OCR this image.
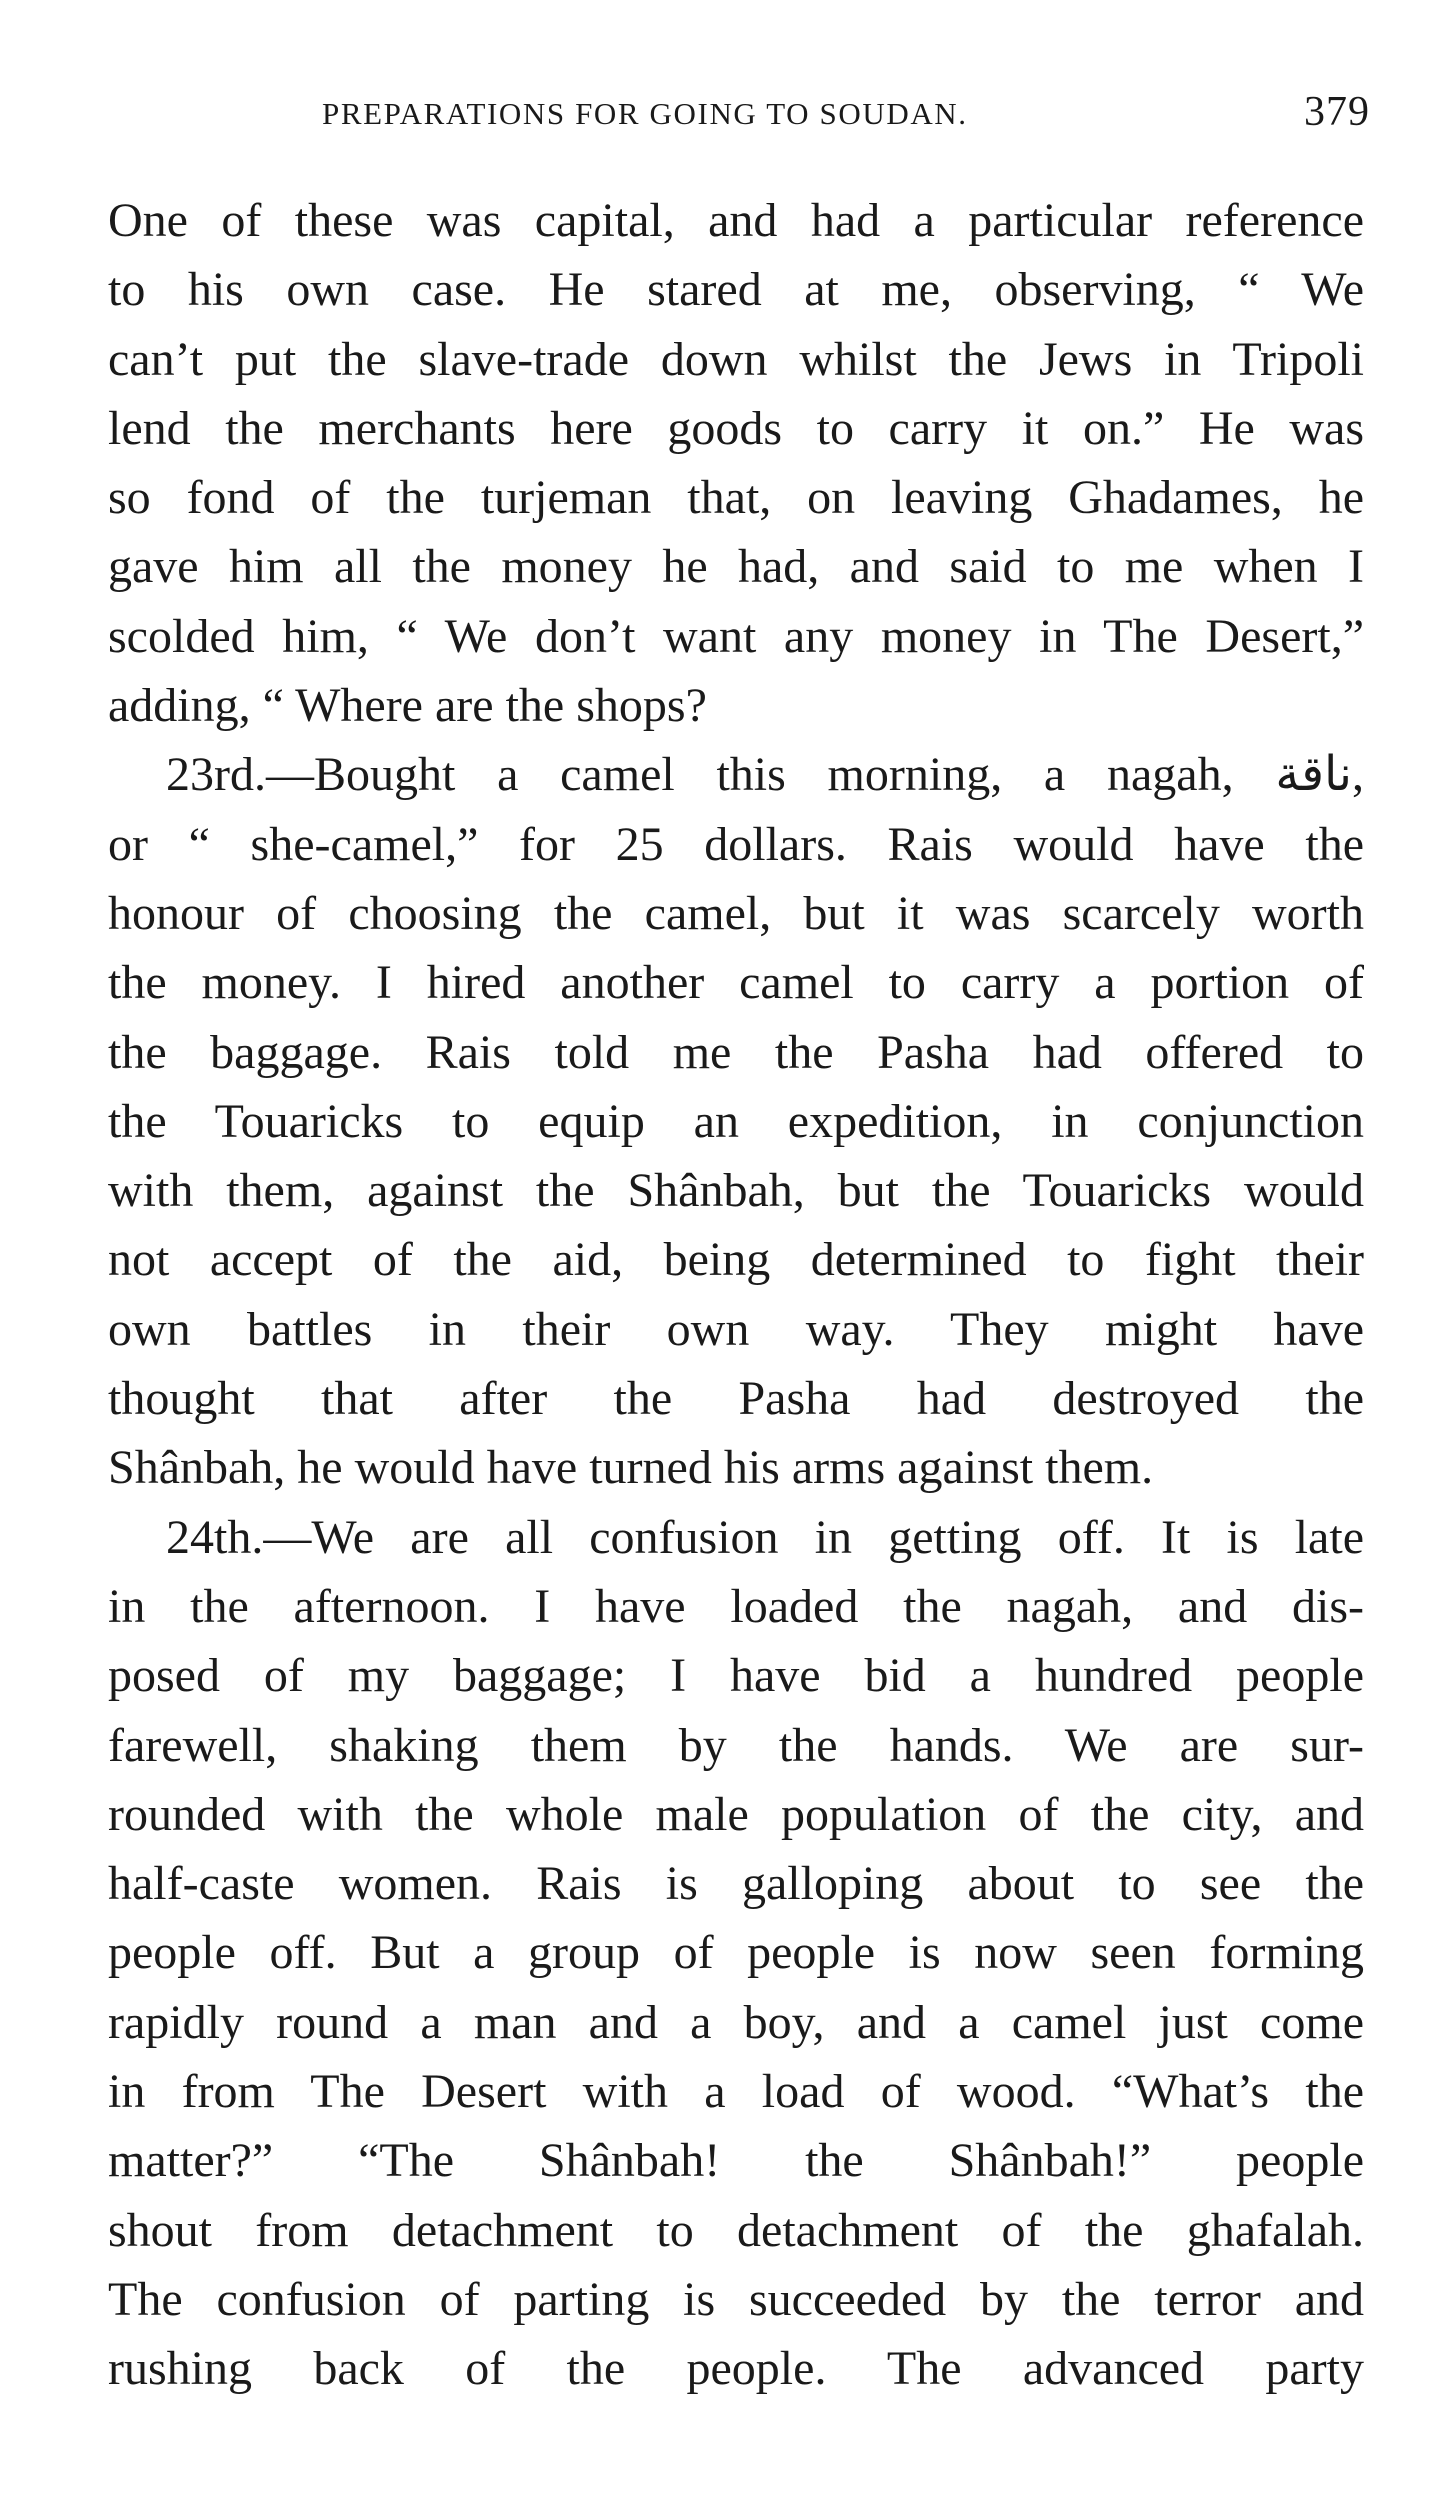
PREPARATIONS FOR GOING TO SOUDAN.	379
One of these was capital, and had a particular reference
to his own case. He stared at me, observing, “ We
can’t put the slave-trade down whilst the Jews in Tripoli
lend the merchants here goods to carry it on.” He was
so fond of the turjeman that, on leaving Ghadames, he
gave him all the money he had, and said to me when I
scolded him, “ We don’t want any money in The Desert,”
adding, “ Where are the shops?
23rd.—Bought a camel this morning, a nagah, ناقة,
or “ she-camel,” for 25 dollars. Rais would have the
honour of choosing the camel, but it was scarcely worth
the money. I hired another camel to carry a portion of
the baggage. Rais told me the Pasha had offered to
the Touaricks to equip an expedition, in conjunction
with them, against the Shânbah, but the Touaricks would
not accept of the aid, being determined to fight their
own battles in their own way. They might have
thought that after the Pasha had destroyed the
Shânbah, he would have turned his arms against them.
24th.—We are all confusion in getting off. It is late
in the afternoon. I have loaded the nagah, and dis-
posed of my baggage; I have bid a hundred people
farewell, shaking them by the hands. We are sur-
rounded with the whole male population of the city, and
half-caste women. Rais is galloping about to see the
people off. But a group of people is now seen forming
rapidly round a man and a boy, and a camel just come
in from The Desert with a load of wood. “What’s the
matter?” “The Shânbah! the Shânbah!” people
shout from detachment to detachment of the ghafalah.
The confusion of parting is succeeded by the terror and
rushing back of the people. The advanced party
